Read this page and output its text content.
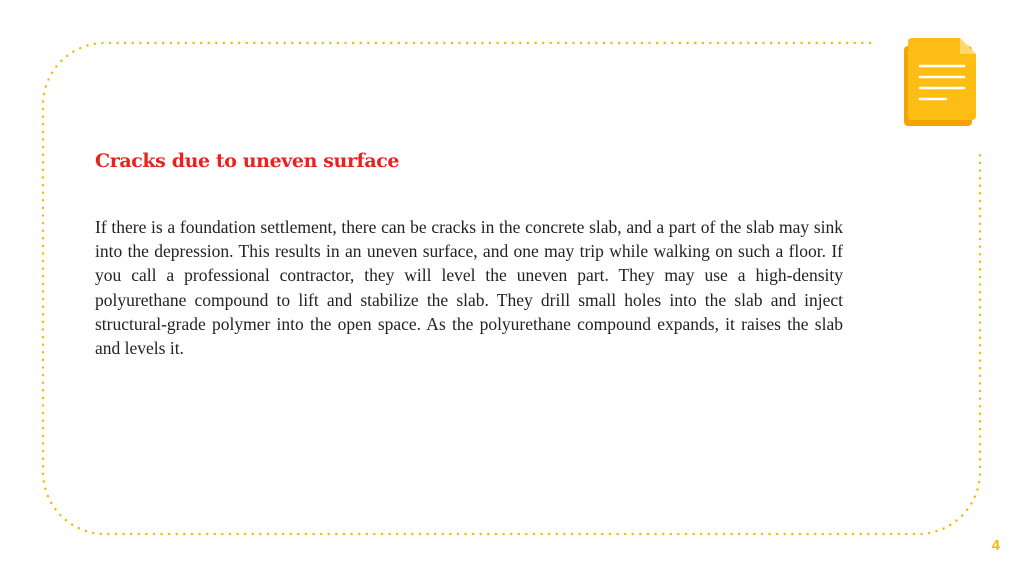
Cracks due to uneven surface

If there is a foundation settlement, there can be cracks in the concrete slab, and a part of the slab may sink into the depression. This results in an uneven surface, and one may trip while walking on such a floor. If you call a professional contractor, they will level the uneven part. They may use a high-density polyurethane compound to lift and stabilize the slab. They drill small holes into the slab and inject structural-grade polymer into the open space. As the polyurethane compound expands, it raises the slab and levels it.

4
